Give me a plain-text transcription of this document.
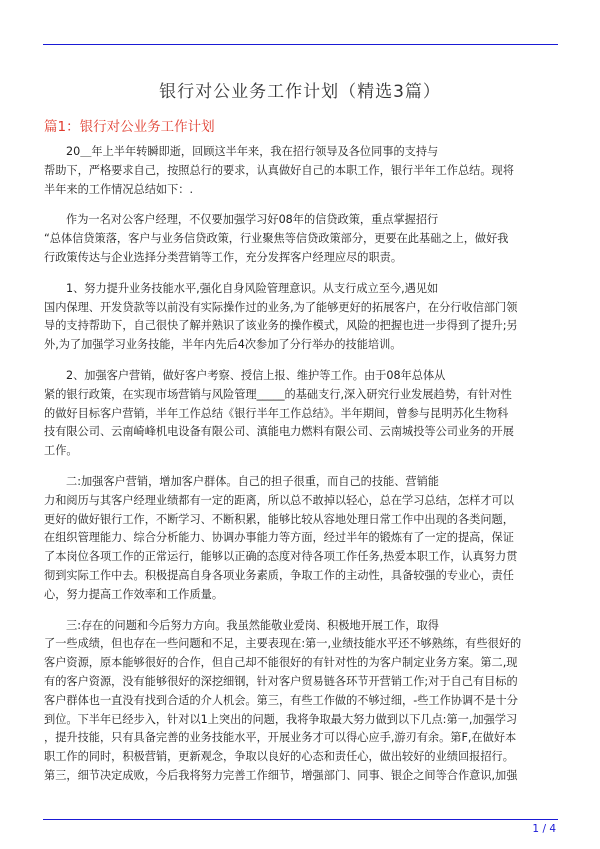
银行对公业务工作计划（精选3篇）
篇1：银行对公业务工作计划
20＿年上半年转瞬即逝，回顾这半年来，我在招行领导及各位同事的支持与
帮助下，严格要求自己，按照总行的要求，认真做好自己的本职工作，银行半年工作总结。现将
半年来的工作情况总结如下：.
作为一名对公客户经理，不仅要加强学习好08年的信贷政策，重点掌握招行
“总体信贷策落，客户与业务信贷政策，行业聚焦等信贷政策部分，更要在此基础之上，做好我
行政策传达与企业选择分类营销等工作，充分发挥客户经理应尽的职责。
1、努力提升业务技能水平,强化自身风险管理意识。从支行成立至今,遇见如
国内保理、开发贷款等以前没有实际操作过的业务,为了能够更好的拓展客户，在分行收信部门领
导的支持帮助下，自己很快了解并熟识了该业务的操作模式，风险的把握也进一步得到了提升;另
外,为了加强学习业务技能，半年内先后4次参加了分行举办的技能培训。
2、加强客户营销，做好客户考察、授信上报、维护等工作。由于08年总体从
紧的银行政策，在实现市场营销与风险管理_____的基础支行,深入研究行业发展趋势，有针对性
的做好目标客户营销，半年工作总结《银行半年工作总结》。半年期间，曾参与昆明苏化生物科
技有限公司、云南崎峰机电设备有限公司、滇能电力燃料有限公司、云南城投等公司业务的开展
工作。
二:加强客户营销，增加客户群体。自己的担子很重，而自己的技能、营销能
力和阅历与其客户经理业绩都有一定的距离，所以总不敢掉以轻心，总在学习总结，怎样才可以
更好的做好银行工作，不断学习、不断积累，能够比较从容地处理日常工作中出现的各类问题，
在组织管理能力、综合分析能力、协调办事能力等方面，经过半年的锻炼有了一定的提高，保证
了本岗位各项工作的正常运行，能够以正确的态度对待各项工作任务,热爱本职工作，认真努力贯
彻到实际工作中去。积极提高自身各项业务素质，争取工作的主动性，具备较强的专业心，责任
心，努力提高工作效率和工作质量。
三:存在的问题和今后努力方向。我虽然能敬业爱岗、积极地开展工作，取得
了一些成绩，但也存在一些问题和不足，主要表现在:第一,业绩技能水平还不够熟练，有些很好的
客户资源，原本能够很好的合作，但自己却不能很好的有针对性的为客户制定业务方案。第二,现
有的客户资源，没有能够很好的深挖细钢，针对客户贸易链各环节开营销工作;对于自己有目标的
客户群体也一直没有找到合适的介人机会。第三，有些工作做的不够过细，-些工作协调不是十分
到位。下半年已经步入，针对以1上突出的问题，我将争取最大努力做到以下几点:第一,加强学习
，提升技能，只有具备完善的业务技能水平，开展业务才可以得心应手,游刃有余。第F,在做好本
职工作的同时，积极营销，更新观念，争取以良好的心态和责任心，做出较好的业绩回报招行。
第三，细节决定成败，今后我将努力完善工作细节，增强部门、同事、银企之间等合作意识,加强
1 / 4
